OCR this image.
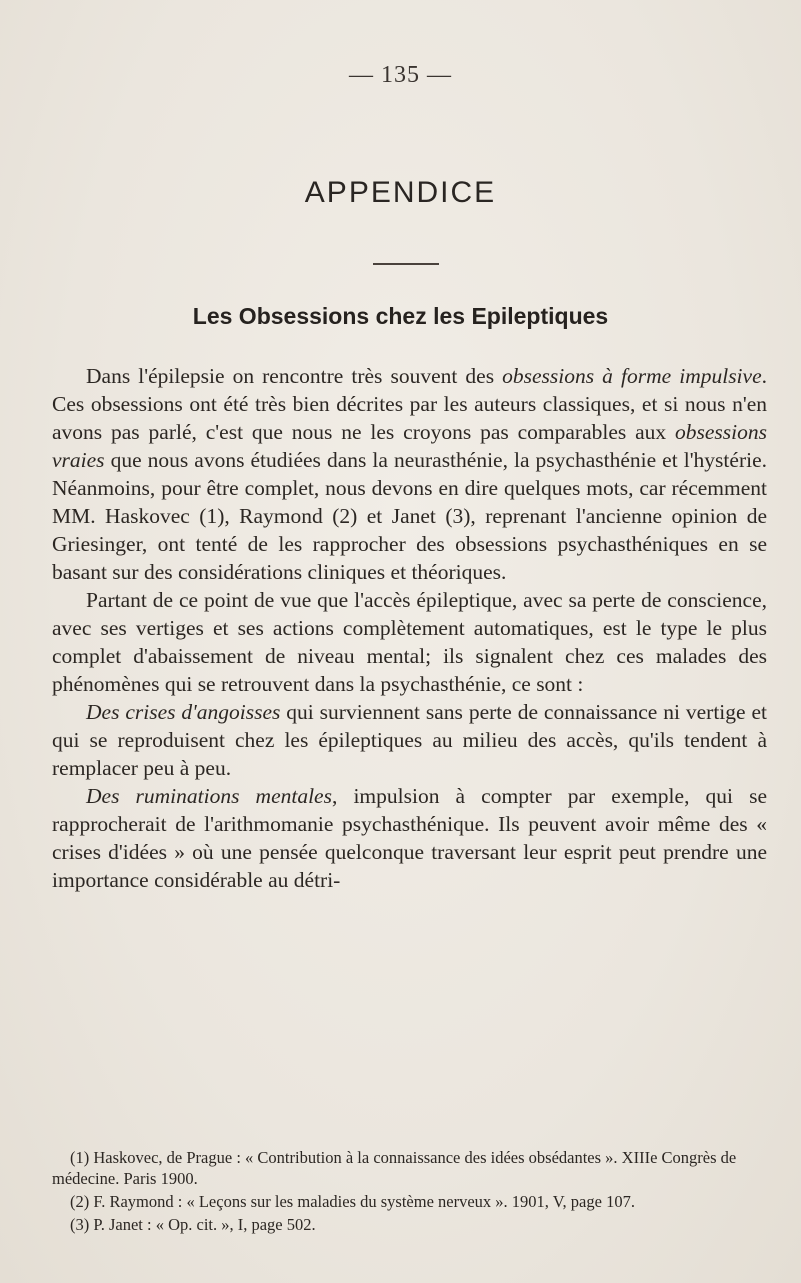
— 135 —
APPENDICE
Les Obsessions chez les Epileptiques

Dans l'épilepsie on rencontre très souvent des obsessions à forme impulsive. Ces obsessions ont été très bien décrites par les auteurs classiques, et si nous n'en avons pas parlé, c'est que nous ne les croyons pas comparables aux obsessions vraies que nous avons étudiées dans la neurasthénie, la psychasthénie et l'hystérie. Néanmoins, pour être complet, nous devons en dire quelques mots, car récemment MM. Haskovec (1), Raymond (2) et Janet (3), reprenant l'ancienne opinion de Griesinger, ont tenté de les rapprocher des obsessions psychasthéniques en se basant sur des considérations cliniques et théoriques.

Partant de ce point de vue que l'accès épileptique, avec sa perte de conscience, avec ses vertiges et ses actions complètement automatiques, est le type le plus complet d'abaissement de niveau mental; ils signalent chez ces malades des phénomènes qui se retrouvent dans la psychasthénie, ce sont :

Des crises d'angoisses qui surviennent sans perte de connaissance ni vertige et qui se reproduisent chez les épileptiques au milieu des accès, qu'ils tendent à remplacer peu à peu.

Des ruminations mentales, impulsion à compter par exemple, qui se rapprocherait de l'arithmomanie psychasthénique. Ils peuvent avoir même des « crises d'idées » où une pensée quelconque traversant leur esprit peut prendre une importance considérable au détri-

(1) Haskovec, de Prague : « Contribution à la connaissance des idées obsédantes ». XIIIe Congrès de médecine. Paris 1900.

(2) F. Raymond : « Leçons sur les maladies du système nerveux ». 1901, V, page 107.

(3) P. Janet : « Op. cit. », I, page 502.
